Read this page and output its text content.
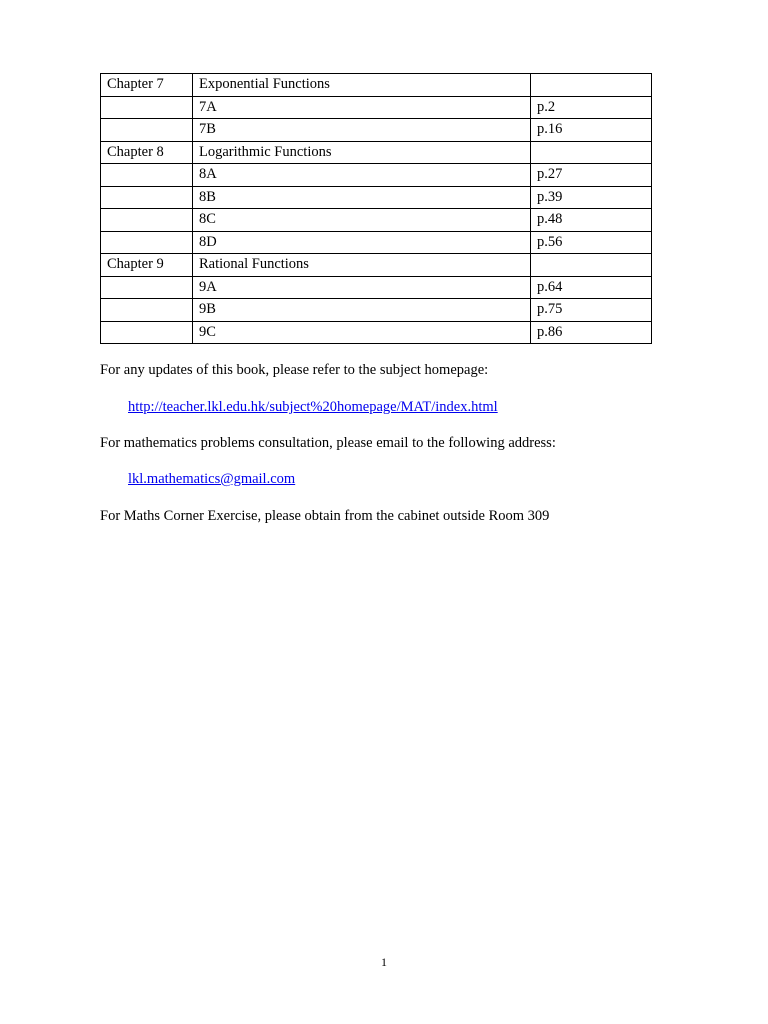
Chapter 7	Exponential Functions	
	7A	p.2
	7B	p.16
Chapter 8	Logarithmic Functions	
	8A	p.27
	8B	p.39
	8C	p.48
	8D	p.56
Chapter 9	Rational Functions	
	9A	p.64
	9B	p.75
	9C	p.86

For any updates of this book, please refer to the subject homepage:

http://teacher.lkl.edu.hk/subject%20homepage/MAT/index.html

For mathematics problems consultation, please email to the following address:

lkl.mathematics@gmail.com

For Maths Corner Exercise, please obtain from the cabinet outside Room 309

1
